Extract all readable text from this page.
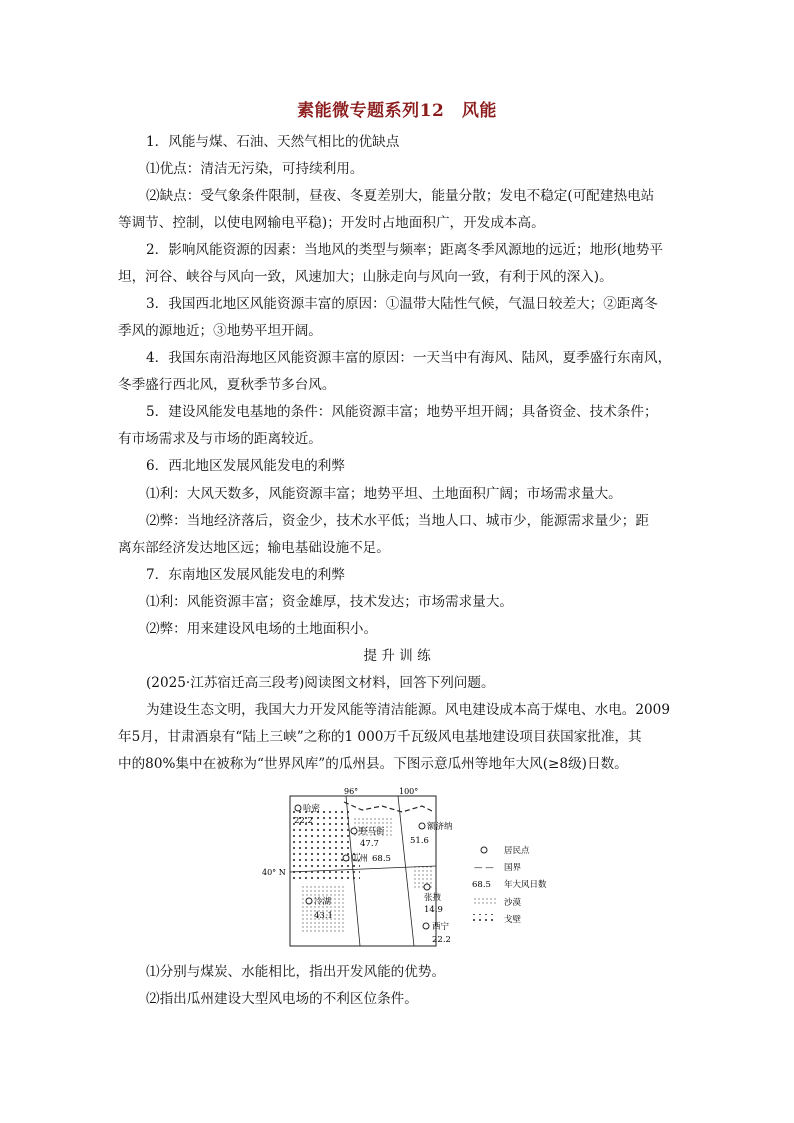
素能微专题系列12　风能
1．风能与煤、石油、天然气相比的优缺点
⑴优点：清洁无污染，可持续利用。
⑵缺点：受气象条件限制，昼夜、冬夏差别大，能量分散；发电不稳定(可配建热电站
等调节、控制，以使电网输电平稳)；开发时占地面积广，开发成本高。
2．影响风能资源的因素：当地风的类型与频率；距离冬季风源地的远近；地形(地势平
坦，河谷、峡谷与风向一致，风速加大；山脉走向与风向一致，有利于风的深入)。
3．我国西北地区风能资源丰富的原因：①温带大陆性气候，气温日较差大；②距离冬
季风的源地近；③地势平坦开阔。
4．我国东南沿海地区风能资源丰富的原因：一天当中有海风、陆风，夏季盛行东南风，
冬季盛行西北风，夏秋季节多台风。
5．建设风能发电基地的条件：风能资源丰富；地势平坦开阔；具备资金、技术条件；
有市场需求及与市场的距离较近。
6．西北地区发展风能发电的利弊
⑴利：大风天数多，风能资源丰富；地势平坦、土地面积广阔；市场需求量大。
⑵弊：当地经济落后，资金少，技术水平低；当地人口、城市少，能源需求量少；距
离东部经济发达地区远；输电基础设施不足。
7．东南地区发展风能发电的利弊
⑴利：风能资源丰富；资金雄厚，技术发达；市场需求量大。
⑵弊：用来建设风电场的土地面积小。
提 升 训 练
(2025·江苏宿迁高三段考)阅读图文材料，回答下列问题。
为建设生态文明，我国大力开发风能等清洁能源。风电建设成本高于煤电、水电。2009
年5月，甘肃酒泉有“陆上三峡”之称的1 000万千瓦级风电基地建设项目获国家批准，其
中的80%集中在被称为“世界风库”的瓜州县。下图示意瓜州等地年大风(≥8级)日数。
96°	100°
40° N
哈密
22.2
野马街
47.7
额济纳
51.6
瓜州 68.5
冷湖
43.1
张掖
14.9
西宁
22.2
居民点
— — 国界
68.5 年大风日数
沙漠
戈壁
⑴分别与煤炭、水能相比，指出开发风能的优势。
⑵指出瓜州建设大型风电场的不利区位条件。
